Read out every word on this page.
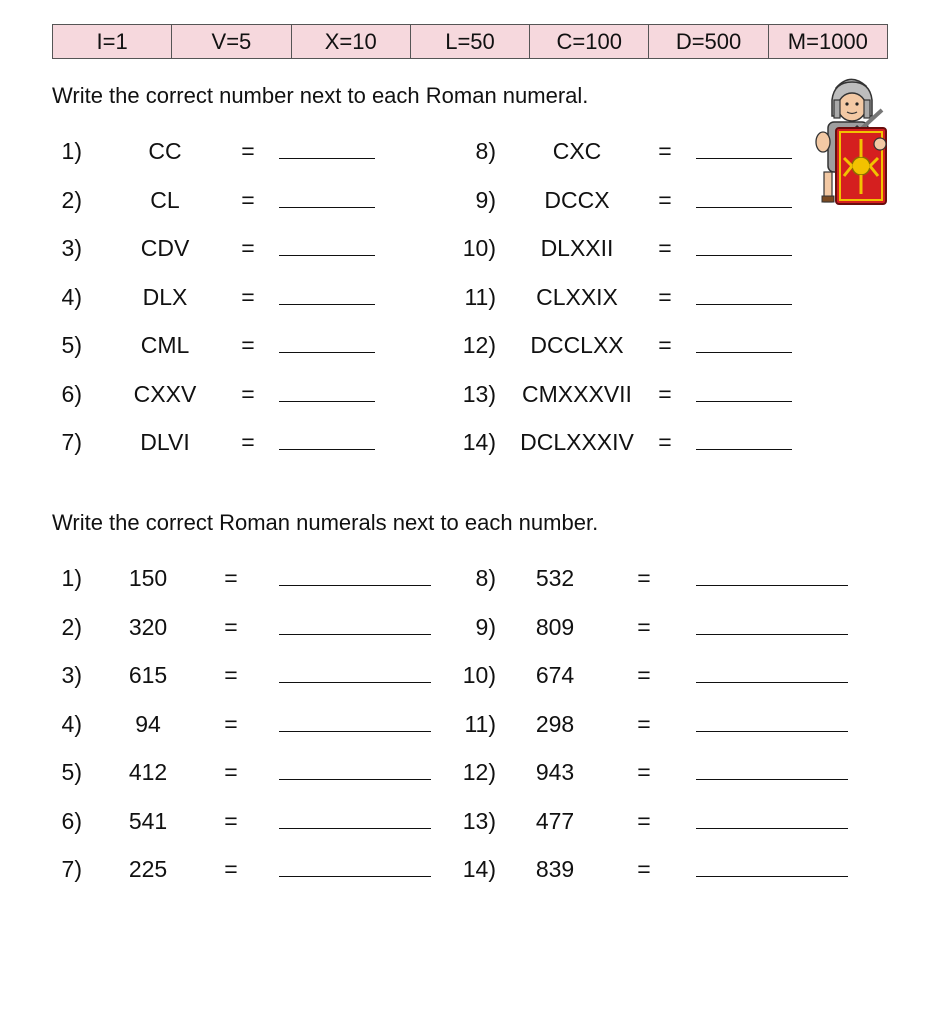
I=1	V=5	X=10	L=50	C=100	D=500	M=1000
Write the correct number next to each Roman numeral.
Write the correct Roman numerals next to each number.
1)	CC	=
2)	CL	=
3)	CDV	=
4)	DLX	=
5)	CML	=
6)	CXXV	=
7)	DLVI	=
8)	CXC	=
9)	DCCX	=
10)	DLXXII	=
11)	CLXXIX	=
12)	DCCLXX	=
13)	CMXXXVII	=
14) DCLXXXIV =
1)	150	=
2)	320	=
3)	615	=
4)	94	=
5)	412	=
6)	541	=
7)	225	=
8)	532	=
9)	809	=
10)	674	=
11)	298	=
12)	943	=
13)	477	=
14)	839	=
